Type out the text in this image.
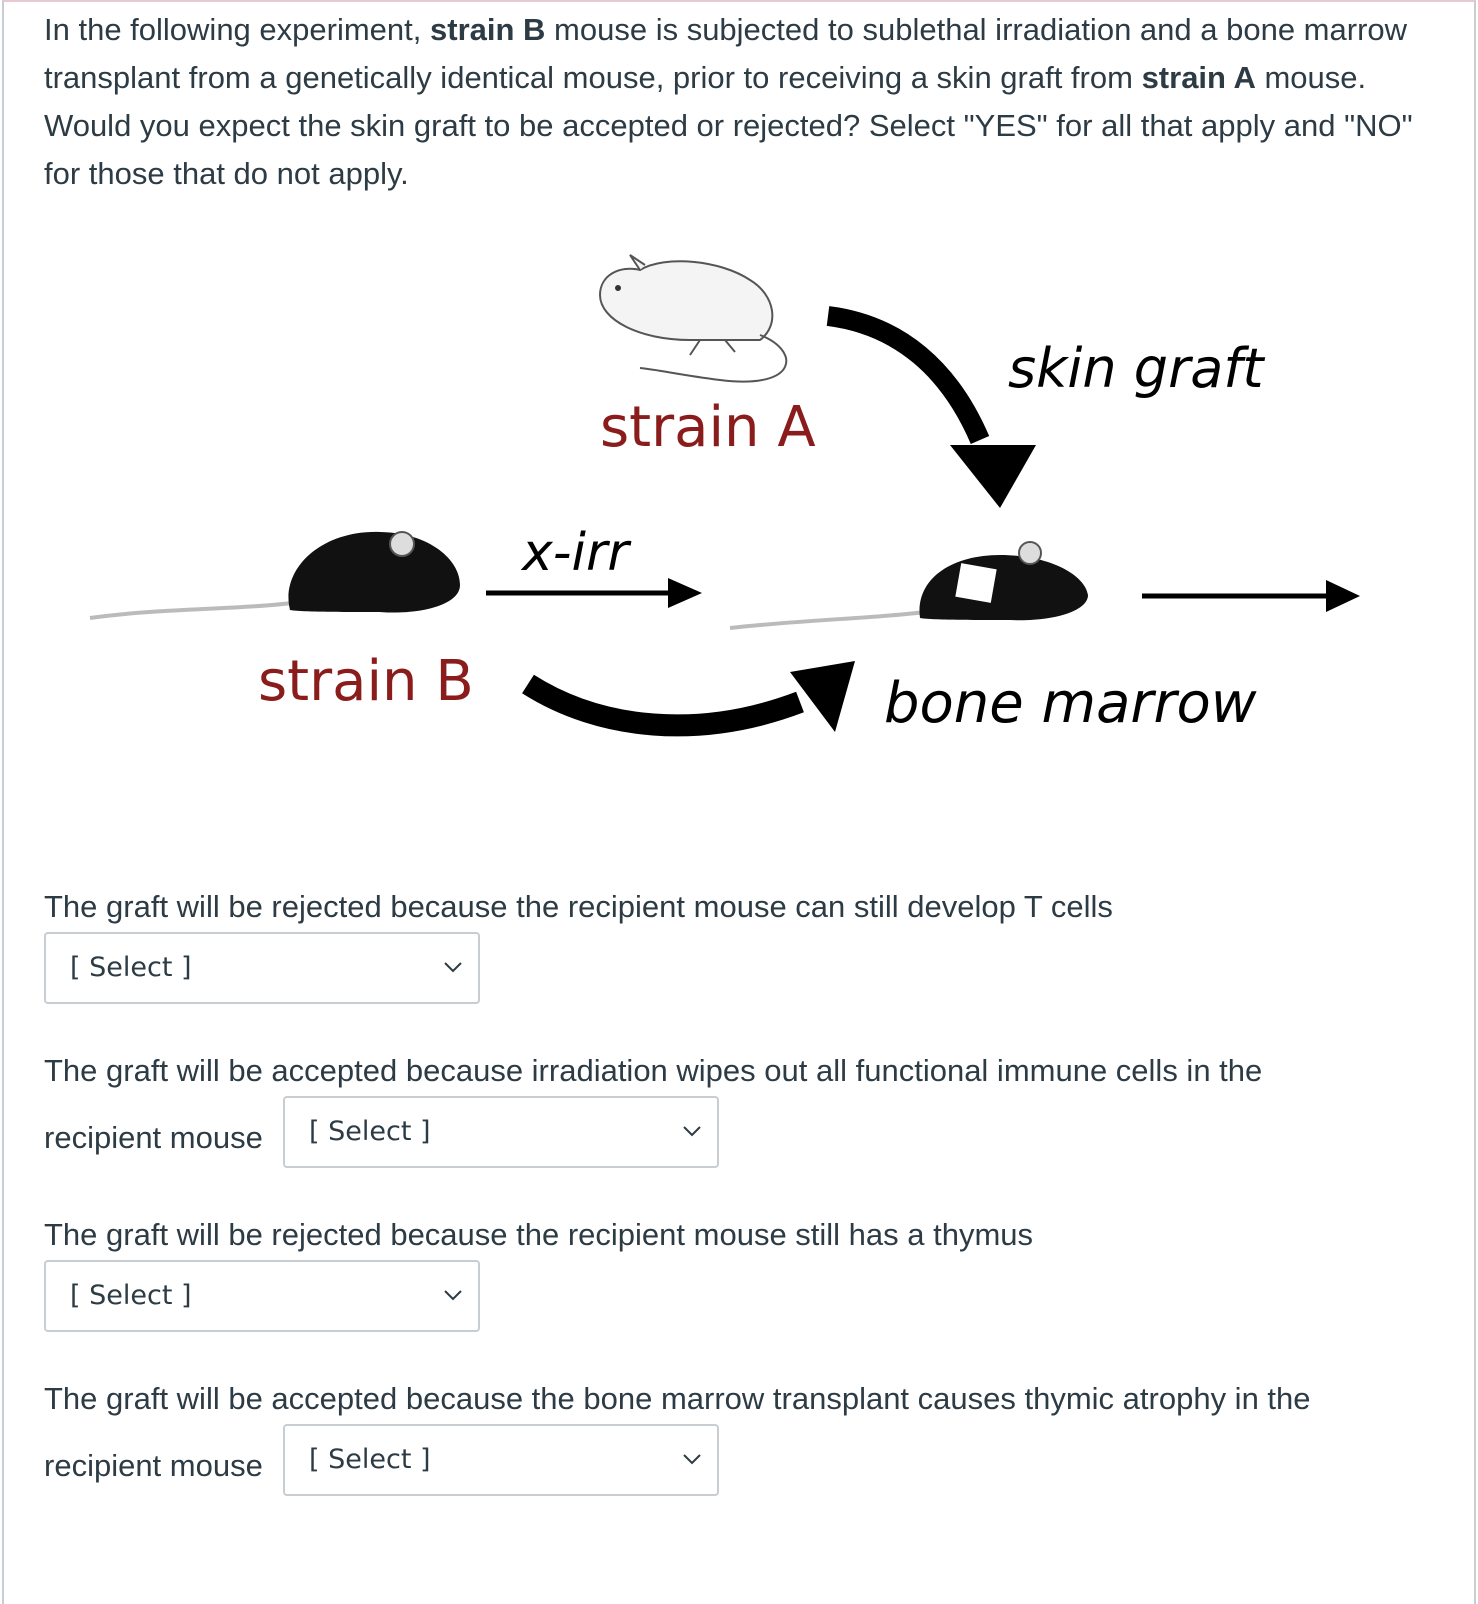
In the following experiment, strain B mouse is subjected to sublethal irradiation and a bone marrow transplant from a genetically identical mouse, prior to receiving a skin graft from strain A mouse. Would you expect the skin graft to be accepted or rejected? Select "YES" for all that apply and "NO" for those that do not apply.

strain A
skin graft
strain B
x-irr
bone marrow

The graft will be rejected because the recipient mouse can still develop T cells

[ Select ]

The graft will be accepted because irradiation wipes out all functional immune cells in the

recipient mouse [ Select ]

The graft will be rejected because the recipient mouse still has a thymus

[ Select ]

The graft will be accepted because the bone marrow transplant causes thymic atrophy in the

recipient mouse [ Select ]
